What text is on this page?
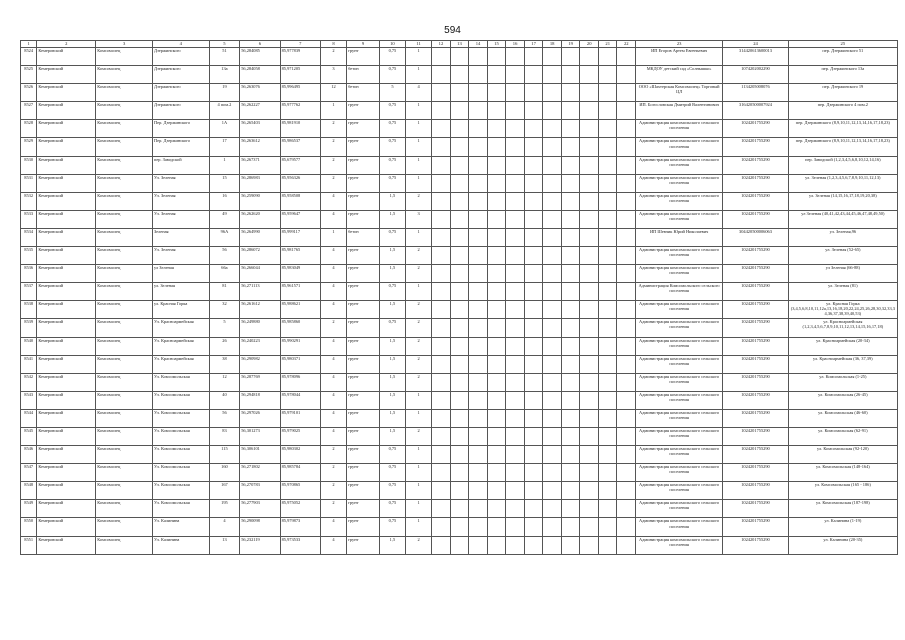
594
1	2	3	4	5	6	7	8	9	10	11	12	13	14	15	16	17	18	19	20	21	22	23	24	25
8524	Кемеровский	Комсомолец	Дзержинского	51	56,284085	85,977839	2	грунт	0,75	1												ИП Егоров Артем Евгеньевич	314420613600013	пер. Дзержинского 51
8525	Кемеровский	Комсомолец	Дзержинского	13а	56,284058	85,971205	3	бетон	0,75	1												МКДОУ детский сад «Солнышко»	1074202002290	пер. Дзержинского 13а
8526	Кемеровский	Комсомолец	Дзержинского	19	56,263076	85,996495	12	бетон	5	4												ООО «Шахтерская Комсомолец» Торговый ЦЛ	1134205008076	пер. Дзержинского 19
8527	Кемеровский	Комсомолец	Дзержинского	4 пом.2	56,262227	85,977762	1	грунт	0,75	1												ИП. Богословская Дмитрий Валентинович	316420500007924	пер. Дзержинского 4 пом.2
8528	Кемеровский	Комсомолец	Пер. Дзержинского	1А	56,265403	85,981910	2	грунт	0,75	1												Администрация комсомольского сельского поселения	1024201755290	пер. Дзержинского (8,9,10,11,12,13,14,16,17,18,23)
8529	Кемеровский	Комсомолец	Пер. Дзержинского	17	56,263612	85,986537	2	грунт	0,75	1												Администрация комсомольского сельского поселения	1024201755290	пер. Дзержинского (8,9,10,11,12,13,14,16,17,18,23)
8530	Кемеровский	Комсомолец	пер. Заводской	1	56,267371	85,679577	2	грунт	0,75	1												Администрация комсомольского сельского поселения	1024201755290	пер. Заводской (1,2,3,4,5,6,8,10,12,14,16)
8531	Кемеровский	Комсомолец	Ул. Зеленая	15	56,286983	85,956326	2	грунт	0,75	1												Администрация комсомольского сельского поселения	1024201755290	ул. Зеленая (1,2,3,4,5,6,7,8,9,10,11,12,13)
8532	Кемеровский	Комсомолец	Ул. Зеленая	16	56,259090	85,958508	4	грунт	1,5	2												Администрация комсомольского сельского поселения	1024201755290	ул. Зеленая (14,15,16,17,18,19,20,38)
8533	Кемеровский	Комсомолец	Ул. Зеленая	49	56,262620	85,959647	4	грунт	1,5	3												Администрация комсомольского сельского поселения	1024201755290	ул Зеленая (40,41,42,43,44,45,46,47,48,49,50)
8534	Кемеровский	Комсомолец	Зеленая	96А	56,264990	85,999117	1	бетон	0,75	1												ИП Шевчик Юрий Николаевич	304420500006063	ул. Зеленая,96
8535	Кемеровский	Комсомолец	Ул. Зеленая	56	56,286072	85,981765	4	грунт	1,5	2												Администрация комсомольского сельского поселения	1024201755290	ул. Зеленая (52-65)
8536	Кемеровский	Комсомолец	ул Зеленая	66а	56,266044	85,983049	4	грунт	1,5	2												Администрация комсомольского сельского поселения	1024201755290	ул Зеленая (66-88)
8537	Кемеровский	Комсомолец	ул. Зеленая	81	56,271113	85,961571	4	грунт	0,75	1												Администрация Комсомольского сельского поселения	1024201755290	ул. Зеленая (81)
8538	Кемеровский	Комсомолец	ул. Красная Горка	32	56,261612	85,988621	4	грунт	1,5	2												Администрация комсомольского сельского поселения	1024201755290	ул. Красная Горка (3,4,5,6,8,10,11,12а,13,16,18,20,22,24,25,26,28,30,32,33,34,36,37,38,39,40,53)
8539	Кемеровский	Комсомолец	Ул. Красноармейская	5	56,249880	85,985860	2	грунт	0,75	2												Администрация комсомольского сельского поселения	1024201755290	ул. Красноармейская (1,2,3,4,5,6,7,8,9,10,11,12,13,14,15,16,17,18)
8540	Кемеровский	Комсомолец	Ул. Красноармейская	26	56,240223	85,990291	4	грунт	1,5	2												Администрация комсомольского сельского поселения	1024201755290	ул. Красноармейская (20-34)
8541	Кемеровский	Комсомолец	Ул. Красноармейская	38	56,290982	85,980371	4	грунт	1,5	2												Администрация комсомольского сельского поселения	1024201755290	ул. Красноармейская (36, 37,39)
8542	Кемеровский	Комсомолец	Ул. Комсомольская	12	56,287769	85,978096	4	грунт	1,5	2												Администрация комсомольского сельского поселения	1024201755290	ул. Комсомольская (1-25)
8543	Кемеровский	Комсомолец	Ул. Комсомольская	40	56,294818	85,978044	4	грунт	1,5	1												Администрация комсомольского сельского поселения	1024201755290	ул. Комсомольская (26-45)
8544	Кемеровский	Комсомолец	Ул. Комсомольская	56	56,297026	85,979101	4	грунт	1,5	1												Администрация комсомольского сельского поселения	1024201755290	ул. Комсомольская (46-60)
8545	Кемеровский	Комсомолец	Ул. Комсомольская	83	56,301273	85,979025	4	грунт	1,5	2												Администрация комсомольского сельского поселения	1024201755290	ул. Комсомольская (62-91)
8546	Кемеровский	Комсомолец	Ул. Комсомольская	115	56,306101	85,980302	2	грунт	0,75	1												Администрация комсомольского сельского поселения	1024201755290	ул. Комсомольская (92-120)
8547	Кемеровский	Комсомолец	Ул. Комсомольская	160	56,271802	85,985784	2	грунт	0,75	1												Администрация комсомольского сельского поселения	1024201755290	ул. Комсомольская (148-164)
8548	Кемеровский	Комсомолец	Ул. Комсомольская	167	56,270783	85,970865	2	грунт	0,75	1												Администрация комсомольского сельского поселения	1024201755290	ул. Комсомольская (165 - 186)
8549	Кемеровский	Комсомолец	Ул. Комсомольская	195	56,277903	85,975052	2	грунт	0,75	1												Администрация комсомольского сельского поселения	1024201755290	ул. Комсомольская (187-198)
8550	Кемеровский	Комсомолец	Ул. Калинина	4	56,290098	85,979873	4	грунт	0,75	1												Администрация комсомольского сельского поселения	1024201755290	ул. Калинина (1-19)
8551	Кемеровский	Комсомолец	Ул. Калинина	13	56,232119	85,973533	4	грунт	1,5	2												Администрация комсомольского сельского поселения	1024201755290	ул. Калинина (20-35)
